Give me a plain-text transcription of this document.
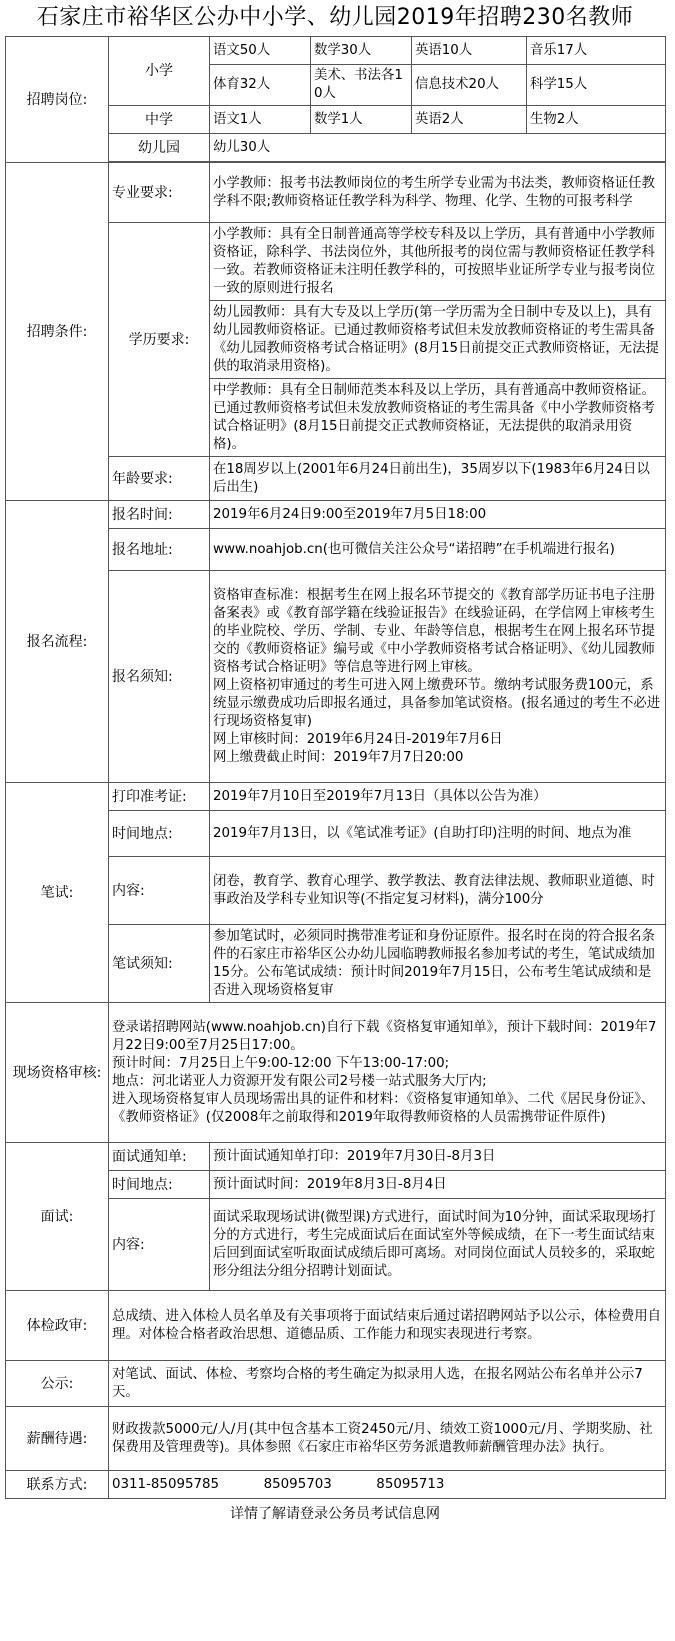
石家庄市裕华区公办中小学、幼儿园2019年招聘230名教师
招聘岗位:	小学	语文50人	数学30人	英语10人	音乐17人
		体育32人	美术、书法各10人	信息技术20人	科学15人
	中学	语文1人	数学1人	英语2人	生物2人
	幼儿园	幼儿30人			

招聘条件:	专业要求:	小学教师：报考书法教师岗位的考生所学专业需为书法类，教师资格证任教学科不限;教师资格证任教学科为科学、物理、化学、生物的可报考科学			
	学历要求:	小学教师：具有全日制普通高等学校专科及以上学历，具有普通中小学教师资格证，除科学、书法岗位外，其他所报考的岗位需与教师资格证任教学科一致。若教师资格证未注明任教学科的，可按照毕业证所学专业与报考岗位一致的原则进行报名			
		幼儿园教师：具有大专及以上学历(第一学历需为全日制中专及以上)，具有幼儿园教师资格证。已通过教师资格考试但未发放教师资格证的考生需具备《幼儿园教师资格考试合格证明》(8月15日前提交正式教师资格证，无法提供的取消录用资格)。			
		中学教师：具有全日制师范类本科及以上学历，具有普通高中教师资格证。已通过教师资格考试但未发放教师资格证的考生需具备《中小学教师资格考试合格证明》(8月15日前提交正式教师资格证，无法提供的取消录用资格)。			
	年龄要求:	在18周岁以上(2001年6月24日前出生)，35周岁以下(1983年6月24日以后出生)			
报名流程:	报名时间:	2019年6月24日9:00至2019年7月5日18:00			
	报名地址:	www.noahjob.cn(也可微信关注公众号“诺招聘”在手机端进行报名)			
	报名须知:	资格审查标准：根据考生在网上报名环节提交的《教育部学历证书电子注册备案表》或《教育部学籍在线验证报告》在线验证码，在学信网上审核考生的毕业院校、学历、学制、专业、年龄等信息，根据考生在网上报名环节提交的《教师资格证》编号或《中小学教师资格考试合格证明》、《幼儿园教师资格考试合格证明》等信息等进行网上审核。
网上资格初审通过的考生可进入网上缴费环节。缴纳考试服务费100元，系统显示缴费成功后即报名通过，具备参加笔试资格。(报名通过的考生不必进行现场资格复审)
网上审核时间：2019年6月24日-2019年7月6日
网上缴费截止时间：2019年7月7日20:00			

笔试:	打印准考证:	2019年7月10日至2019年7月13日（具体以公告为准）			
	时间地点:	2019年7月13日，以《笔试准考证》(自助打印)注明的时间、地点为准			
	内容:	闭卷，教育学、教育心理学、教学教法、教育法律法规、教师职业道德、时事政治及学科专业知识等(不指定复习材料)，满分100分			
	笔试须知:	参加笔试时，必须同时携带准考证和身份证原件。报名时在岗的符合报名条件的石家庄市裕华区公办幼儿园临聘教师报名参加考试的考生，笔试成绩加15分。公布笔试成绩：预计时间2019年7月15日，公布考生笔试成绩和是否进入现场资格复审			
现场资格审核:	登录诺招聘网站(www.noahjob.cn)自行下载《资格复审通知单》，预计下载时间：2019年7月22日9:00至7月25日17:00。
预计时间：7月25日上午9:00-12:00 下午13:00-17:00;
地点：河北诺亚人力资源开发有限公司2号楼一站式服务大厅内;
进入现场资格复审人员现场需出具的证件和材料：《资格复审通知单》、二代《居民身份证》、《教师资格证》(仅2008年之前取得和2019年取得教师资格的人员需携带证件原件)				

面试:	面试通知单:	预计面试通知单打印：2019年7月30日-8月3日			
	时间地点:	预计面试时间：2019年8月3日-8月4日			
	内容:	面试采取现场试讲(微型课)方式进行，面试时间为10分钟，面试采取现场打分的方式进行，考生完成面试后在面试室外等候成绩，在下一考生面试结束后回到面试室听取面试成绩后即可离场。对同岗位面试人员较多的，采取蛇形分组法分组分招聘计划面试。			
体检政审:	总成绩、进入体检人员名单及有关事项将于面试结束后通过诺招聘网站予以公示，体检费用自理。对体检合格者政治思想、道德品质、工作能力和现实表现进行考察。				
公示:	对笔试、面试、体检、考察均合格的考生确定为拟录用人选，在报名网站公布名单并公示7天。				
薪酬待遇:	财政拨款5000元/人/月(其中包含基本工资2450元/月、绩效工资1000元/月、学期奖励、社保费用及管理费等)。具体参照《石家庄市裕华区劳务派遣教师薪酬管理办法》执行。				
联系方式:	0311-85095785 85095703 85095713				
详情了解请登录公务员考试信息网
